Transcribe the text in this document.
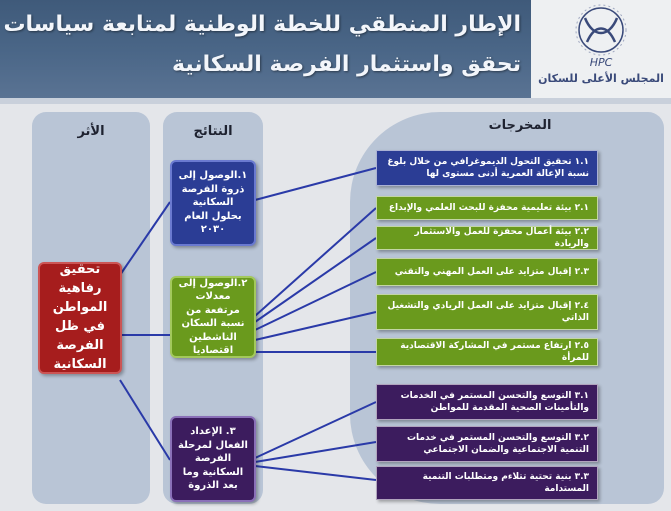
الإطار المنطقي للخطة الوطنية لمتابعة سياسات
تحقق واستثمار الفرصة السكانية	HPC
المجلس الأعلى للسكان
الأثر	النتائج	المخرجات
تحقيق رفاهية المواطن في ظل الفرصة السكانية
١.الوصول إلى ذروة الفرصة السكانية بحلول العام ٢٠٣٠
٢.الوصول إلى معدلات مرتفعة من نسبة السكان الناشطين اقتصاديا
٣. الإعداد الفعال لمرحلة الفرصة السكانية وما بعد الذروة
١.١ تحقيق التحول الديموغرافي من خلال بلوغ نسبة الإعالة العمرية أدنى مستوى لها
٢.١ بيئة تعليمية محفزة للبحث العلمي والإبداع
٢.٢ بيئة أعمال محفزة للعمل والاستثمار والريادة
٢.٣ إقبال متزايد على العمل المهني والتقني
٢.٤ إقبال متزايد على العمل الريادي والتشغيل الذاتي
٢.٥ ارتفاع مستمر في المشاركة الاقتصادية للمرأة
٣.١ التوسع والتحسن المستمر في الخدمات والتأمينات الصحية المقدمة للمواطن
٣.٢ التوسع والتحسن المستمر في خدمات التنمية الاجتماعية والضمان الاجتماعي
٣.٣ بنية تحتية تتلاءم ومتطلبات التنمية المستدامة
